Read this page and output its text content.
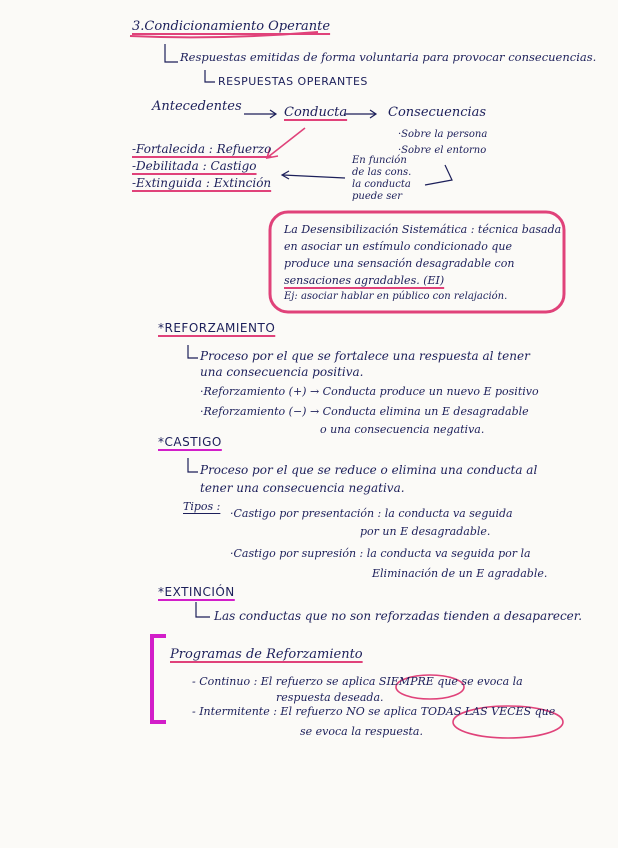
3.Condicionamiento Operante
Respuestas emitidas de forma voluntaria para provocar consecuencias.
RESPUESTAS OPERANTES
Antecedentes	Conducta	Consecuencias
·Sobre la persona
·Sobre el entorno
En función
de las cons.
la conducta
puede ser
-Fortalecida : Refuerzo
-Debilitada : Castigo
-Extinguida : Extinción
La Desensibilización Sistemática : técnica basada
en asociar un estímulo condicionado que
produce una sensación desagradable con
sensaciones agradables. (EI)
Ej: asociar hablar en público con relajación.
*REFORZAMIENTO
Proceso por el que se fortalece una respuesta al tener
una consecuencia positiva.
·Reforzamiento (+) → Conducta produce un nuevo E positivo
·Reforzamiento (−) → Conducta elimina un E desagradable
o una consecuencia negativa.
*CASTIGO
Proceso por el que se reduce o elimina una conducta al
tener una consecuencia negativa.
Tipos :
·Castigo por presentación : la conducta va seguida
por un E desagradable.
·Castigo por supresión : la conducta va seguida por la
Eliminación de un E agradable.
*EXTINCIÓN
Las conductas que no son reforzadas tienden a desaparecer.
Programas de Reforzamiento
- Continuo : El refuerzo se aplica SIEMPRE que se evoca la
respuesta deseada.
- Intermitente : El refuerzo NO se aplica TODAS LAS VECES que
se evoca la respuesta.
